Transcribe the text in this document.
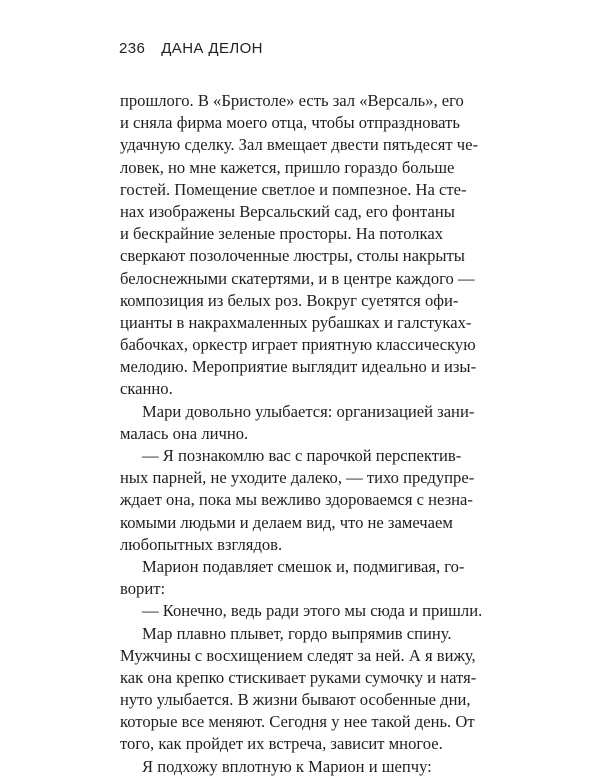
236 ДАНА ДЕЛОН
прошлого. В «Бристоле» есть зал «Версаль», его
и сняла фирма моего отца, чтобы отпраздновать
удачную сделку. Зал вмещает двести пятьдесят че-
ловек, но мне кажется, пришло гораздо больше
гостей. Помещение светлое и помпезное. На сте-
нах изображены Версальский сад, его фонтаны
и бескрайние зеленые просторы. На потолках
сверкают позолоченные люстры, столы накрыты
белоснежными скатертями, и в центре каждого —
композиция из белых роз. Вокруг суетятся офи-
цианты в накрахмаленных рубашках и галстуках-
бабочках, оркестр играет приятную классическую
мелодию. Мероприятие выглядит идеально и изы-
сканно.
Мари довольно улыбается: организацией зани-
малась она лично.
— Я познакомлю вас с парочкой перспектив-
ных парней, не уходите далеко, — тихо предупре-
ждает она, пока мы вежливо здороваемся с незна-
комыми людьми и делаем вид, что не замечаем
любопытных взглядов.
Марион подавляет смешок и, подмигивая, го-
ворит:
— Конечно, ведь ради этого мы сюда и пришли.
Мар плавно плывет, гордо выпрямив спину.
Мужчины с восхищением следят за ней. А я вижу,
как она крепко стискивает руками сумочку и натя-
нуто улыбается. В жизни бывают особенные дни,
которые все меняют. Сегодня у нее такой день. От
того, как пройдет их встреча, зависит многое.
Я подхожу вплотную к Марион и шепчу:
